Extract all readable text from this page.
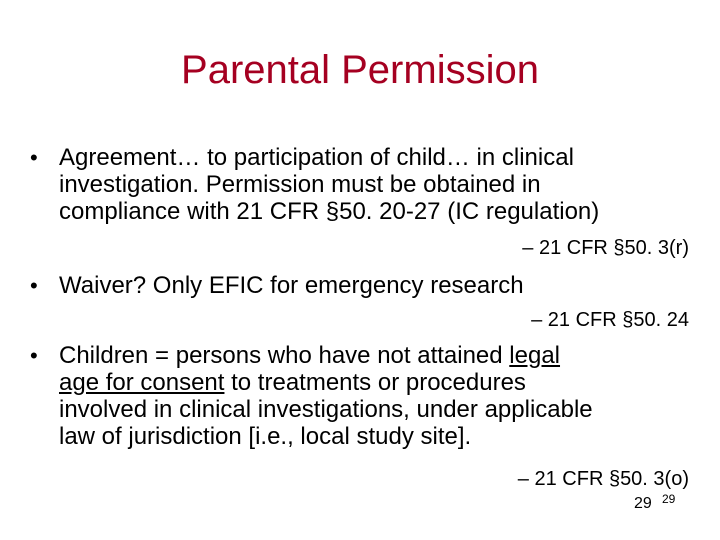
Parental Permission
• Agreement… to participation of child… in clinical
investigation. Permission must be obtained in
compliance with 21 CFR §50. 20-27 (IC regulation)
– 21 CFR §50. 3(r)
• Waiver? Only EFIC for emergency research
– 21 CFR §50. 24
• Children = persons who have not attained legal
age for consent to treatments or procedures
involved in clinical investigations, under applicable
law of jurisdiction [i.e., local study site].
– 21 CFR §50. 3(o)
29 29
